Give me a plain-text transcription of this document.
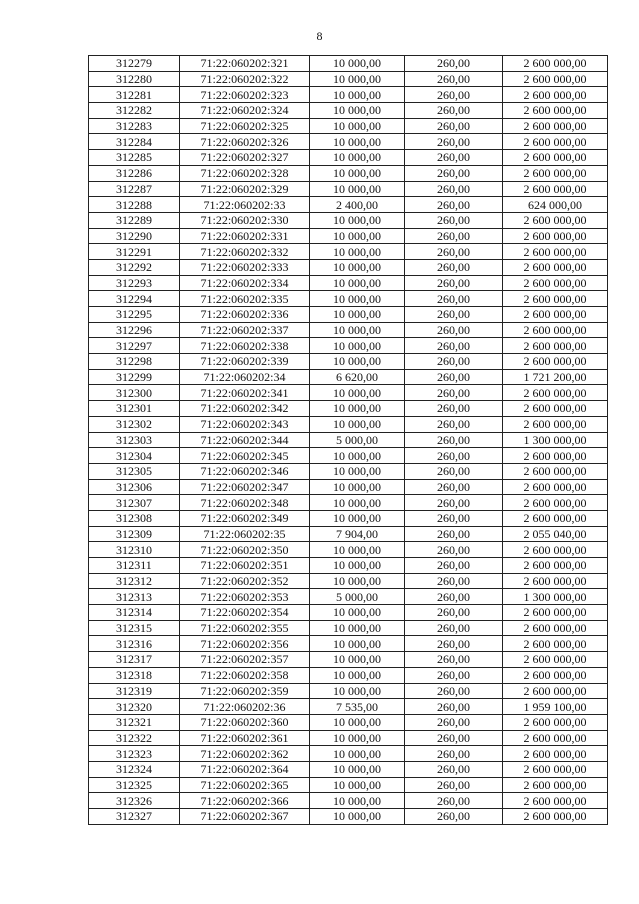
8
312279	71:22:060202:321	10 000,00	260,00	2 600 000,00
312280	71:22:060202:322	10 000,00	260,00	2 600 000,00
312281	71:22:060202:323	10 000,00	260,00	2 600 000,00
312282	71:22:060202:324	10 000,00	260,00	2 600 000,00
312283	71:22:060202:325	10 000,00	260,00	2 600 000,00
312284	71:22:060202:326	10 000,00	260,00	2 600 000,00
312285	71:22:060202:327	10 000,00	260,00	2 600 000,00
312286	71:22:060202:328	10 000,00	260,00	2 600 000,00
312287	71:22:060202:329	10 000,00	260,00	2 600 000,00
312288	71:22:060202:33	2 400,00	260,00	624 000,00
312289	71:22:060202:330	10 000,00	260,00	2 600 000,00
312290	71:22:060202:331	10 000,00	260,00	2 600 000,00
312291	71:22:060202:332	10 000,00	260,00	2 600 000,00
312292	71:22:060202:333	10 000,00	260,00	2 600 000,00
312293	71:22:060202:334	10 000,00	260,00	2 600 000,00
312294	71:22:060202:335	10 000,00	260,00	2 600 000,00
312295	71:22:060202:336	10 000,00	260,00	2 600 000,00
312296	71:22:060202:337	10 000,00	260,00	2 600 000,00
312297	71:22:060202:338	10 000,00	260,00	2 600 000,00
312298	71:22:060202:339	10 000,00	260,00	2 600 000,00
312299	71:22:060202:34	6 620,00	260,00	1 721 200,00
312300	71:22:060202:341	10 000,00	260,00	2 600 000,00
312301	71:22:060202:342	10 000,00	260,00	2 600 000,00
312302	71:22:060202:343	10 000,00	260,00	2 600 000,00
312303	71:22:060202:344	5 000,00	260,00	1 300 000,00
312304	71:22:060202:345	10 000,00	260,00	2 600 000,00
312305	71:22:060202:346	10 000,00	260,00	2 600 000,00
312306	71:22:060202:347	10 000,00	260,00	2 600 000,00
312307	71:22:060202:348	10 000,00	260,00	2 600 000,00
312308	71:22:060202:349	10 000,00	260,00	2 600 000,00
312309	71:22:060202:35	7 904,00	260,00	2 055 040,00
312310	71:22:060202:350	10 000,00	260,00	2 600 000,00
312311	71:22:060202:351	10 000,00	260,00	2 600 000,00
312312	71:22:060202:352	10 000,00	260,00	2 600 000,00
312313	71:22:060202:353	5 000,00	260,00	1 300 000,00
312314	71:22:060202:354	10 000,00	260,00	2 600 000,00
312315	71:22:060202:355	10 000,00	260,00	2 600 000,00
312316	71:22:060202:356	10 000,00	260,00	2 600 000,00
312317	71:22:060202:357	10 000,00	260,00	2 600 000,00
312318	71:22:060202:358	10 000,00	260,00	2 600 000,00
312319	71:22:060202:359	10 000,00	260,00	2 600 000,00
312320	71:22:060202:36	7 535,00	260,00	1 959 100,00
312321	71:22:060202:360	10 000,00	260,00	2 600 000,00
312322	71:22:060202:361	10 000,00	260,00	2 600 000,00
312323	71:22:060202:362	10 000,00	260,00	2 600 000,00
312324	71:22:060202:364	10 000,00	260,00	2 600 000,00
312325	71:22:060202:365	10 000,00	260,00	2 600 000,00
312326	71:22:060202:366	10 000,00	260,00	2 600 000,00
312327	71:22:060202:367	10 000,00	260,00	2 600 000,00
